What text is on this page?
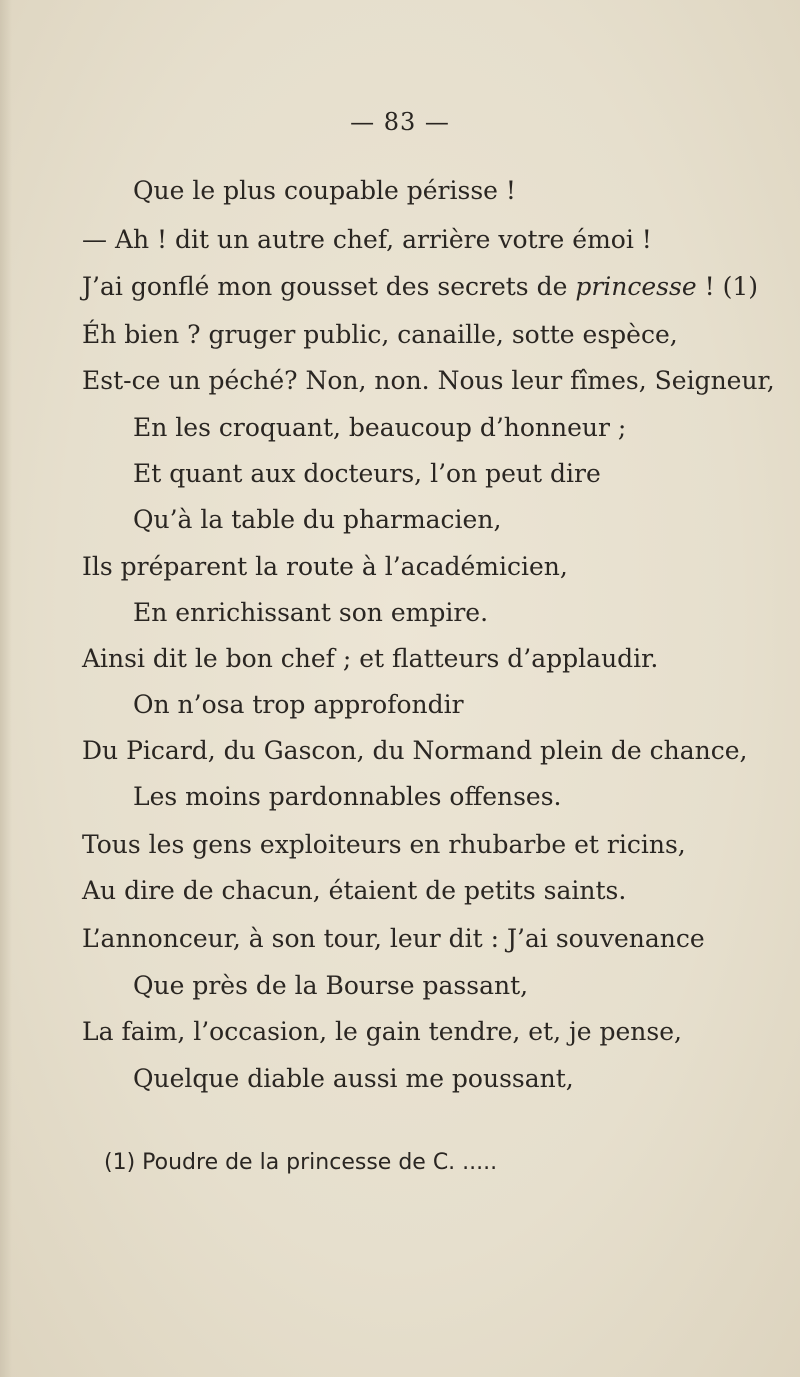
— 83 —
Que le plus coupable périsse !
— Ah ! dit un autre chef, arrière votre émoi !
J’ai gonflé mon gousset des secrets de princesse ! (1)
Éh bien ? gruger public, canaille, sotte espèce,
Est-ce un péché? Non, non. Nous leur fîmes, Seigneur,
En les croquant, beaucoup d’honneur ;
Et quant aux docteurs, l’on peut dire
Qu’à la table du pharmacien,
Ils préparent la route à l’académicien,
En enrichissant son empire.
Ainsi dit le bon chef ; et flatteurs d’applaudir.
On n’osa trop approfondir
Du Picard, du Gascon, du Normand plein de chance,
Les moins pardonnables offenses.
Tous les gens exploiteurs en rhubarbe et ricins,
Au dire de chacun, étaient de petits saints.
L’annonceur, à son tour, leur dit : J’ai souvenance
Que près de la Bourse passant,
La faim, l’occasion, le gain tendre, et, je pense,
Quelque diable aussi me poussant,
(1) Poudre de la princesse de C. .....
